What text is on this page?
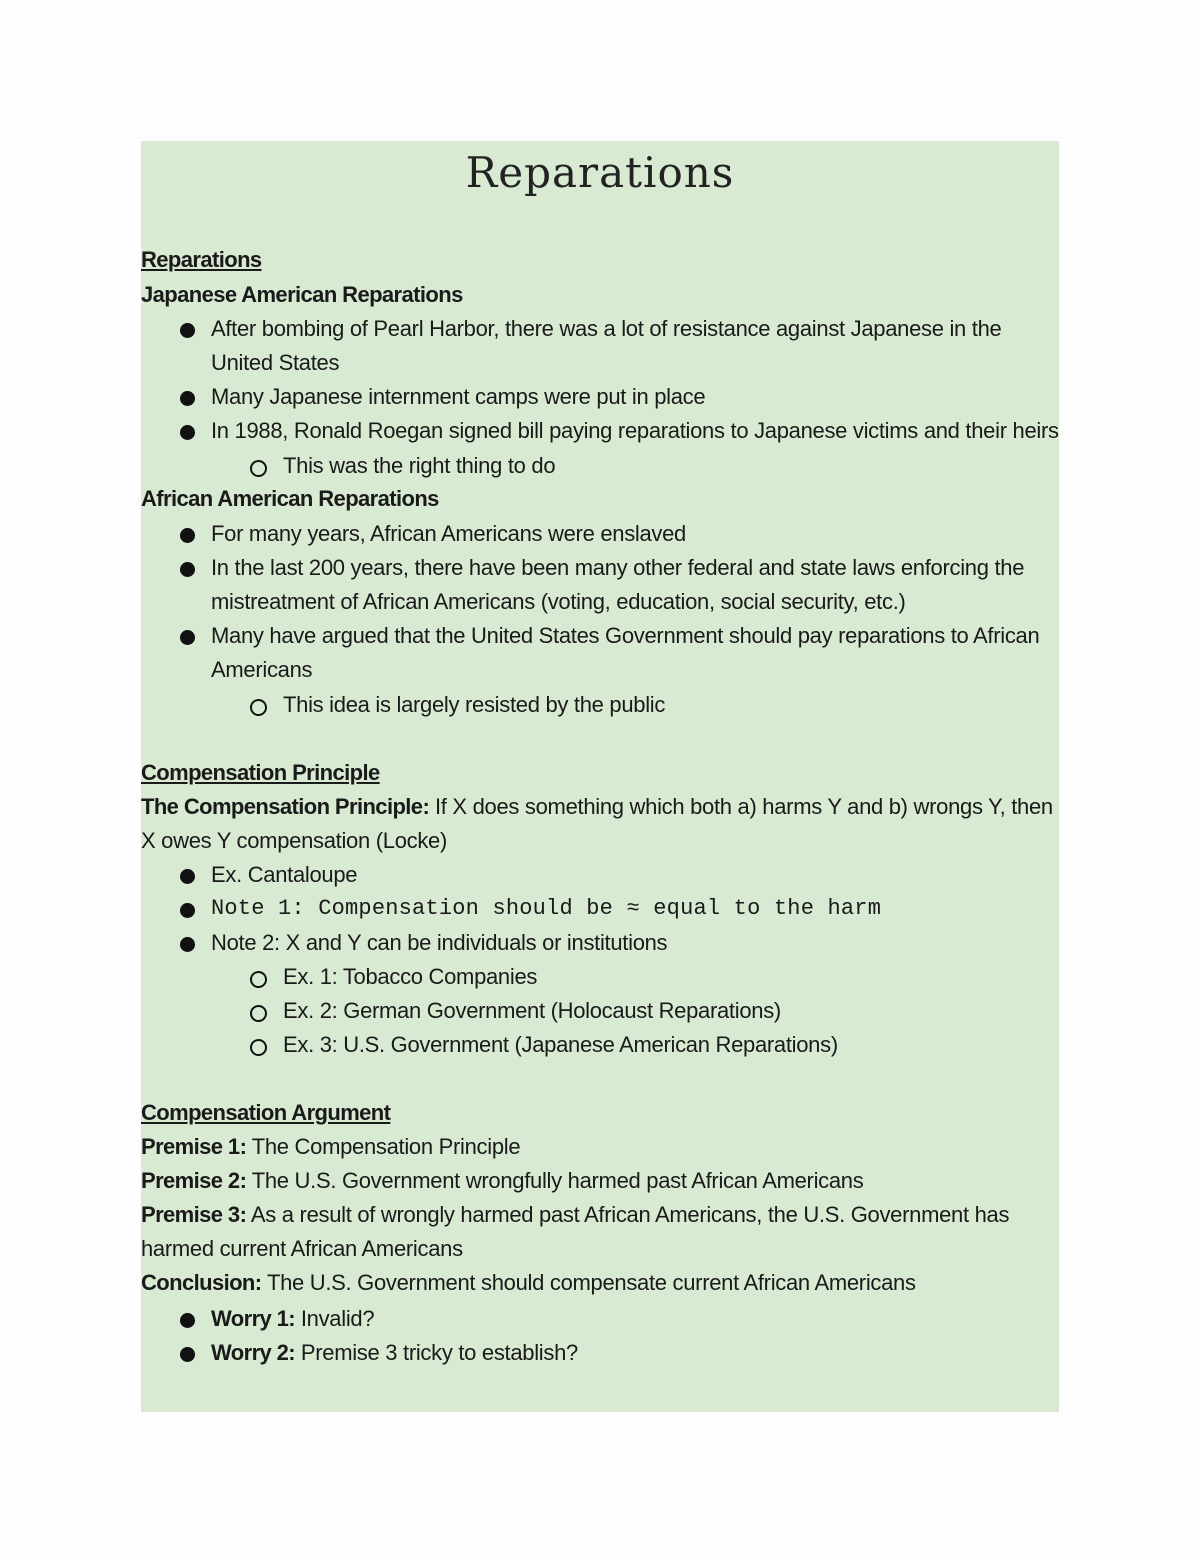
Reparations
Reparations
Japanese American Reparations
After bombing of Pearl Harbor, there was a lot of resistance against Japanese in the
United States
Many Japanese internment camps were put in place
In 1988, Ronald Roegan signed bill paying reparations to Japanese victims and their heirs
This was the right thing to do
African American Reparations
For many years, African Americans were enslaved
In the last 200 years, there have been many other federal and state laws enforcing the
mistreatment of African Americans (voting, education, social security, etc.)
Many have argued that the United States Government should pay reparations to African
Americans
This idea is largely resisted by the public
Compensation Principle
The Compensation Principle: If X does something which both a) harms Y and b) wrongs Y, then
X owes Y compensation (Locke)
Ex. Cantaloupe
Note 1: Compensation should be ≈ equal to the harm
Note 2: X and Y can be individuals or institutions
Ex. 1: Tobacco Companies
Ex. 2: German Government (Holocaust Reparations)
Ex. 3: U.S. Government (Japanese American Reparations)
Compensation Argument
Premise 1: The Compensation Principle
Premise 2: The U.S. Government wrongfully harmed past African Americans
Premise 3: As a result of wrongly harmed past African Americans, the U.S. Government has
harmed current African Americans
Conclusion: The U.S. Government should compensate current African Americans
Worry 1: Invalid?
Worry 2: Premise 3 tricky to establish?
